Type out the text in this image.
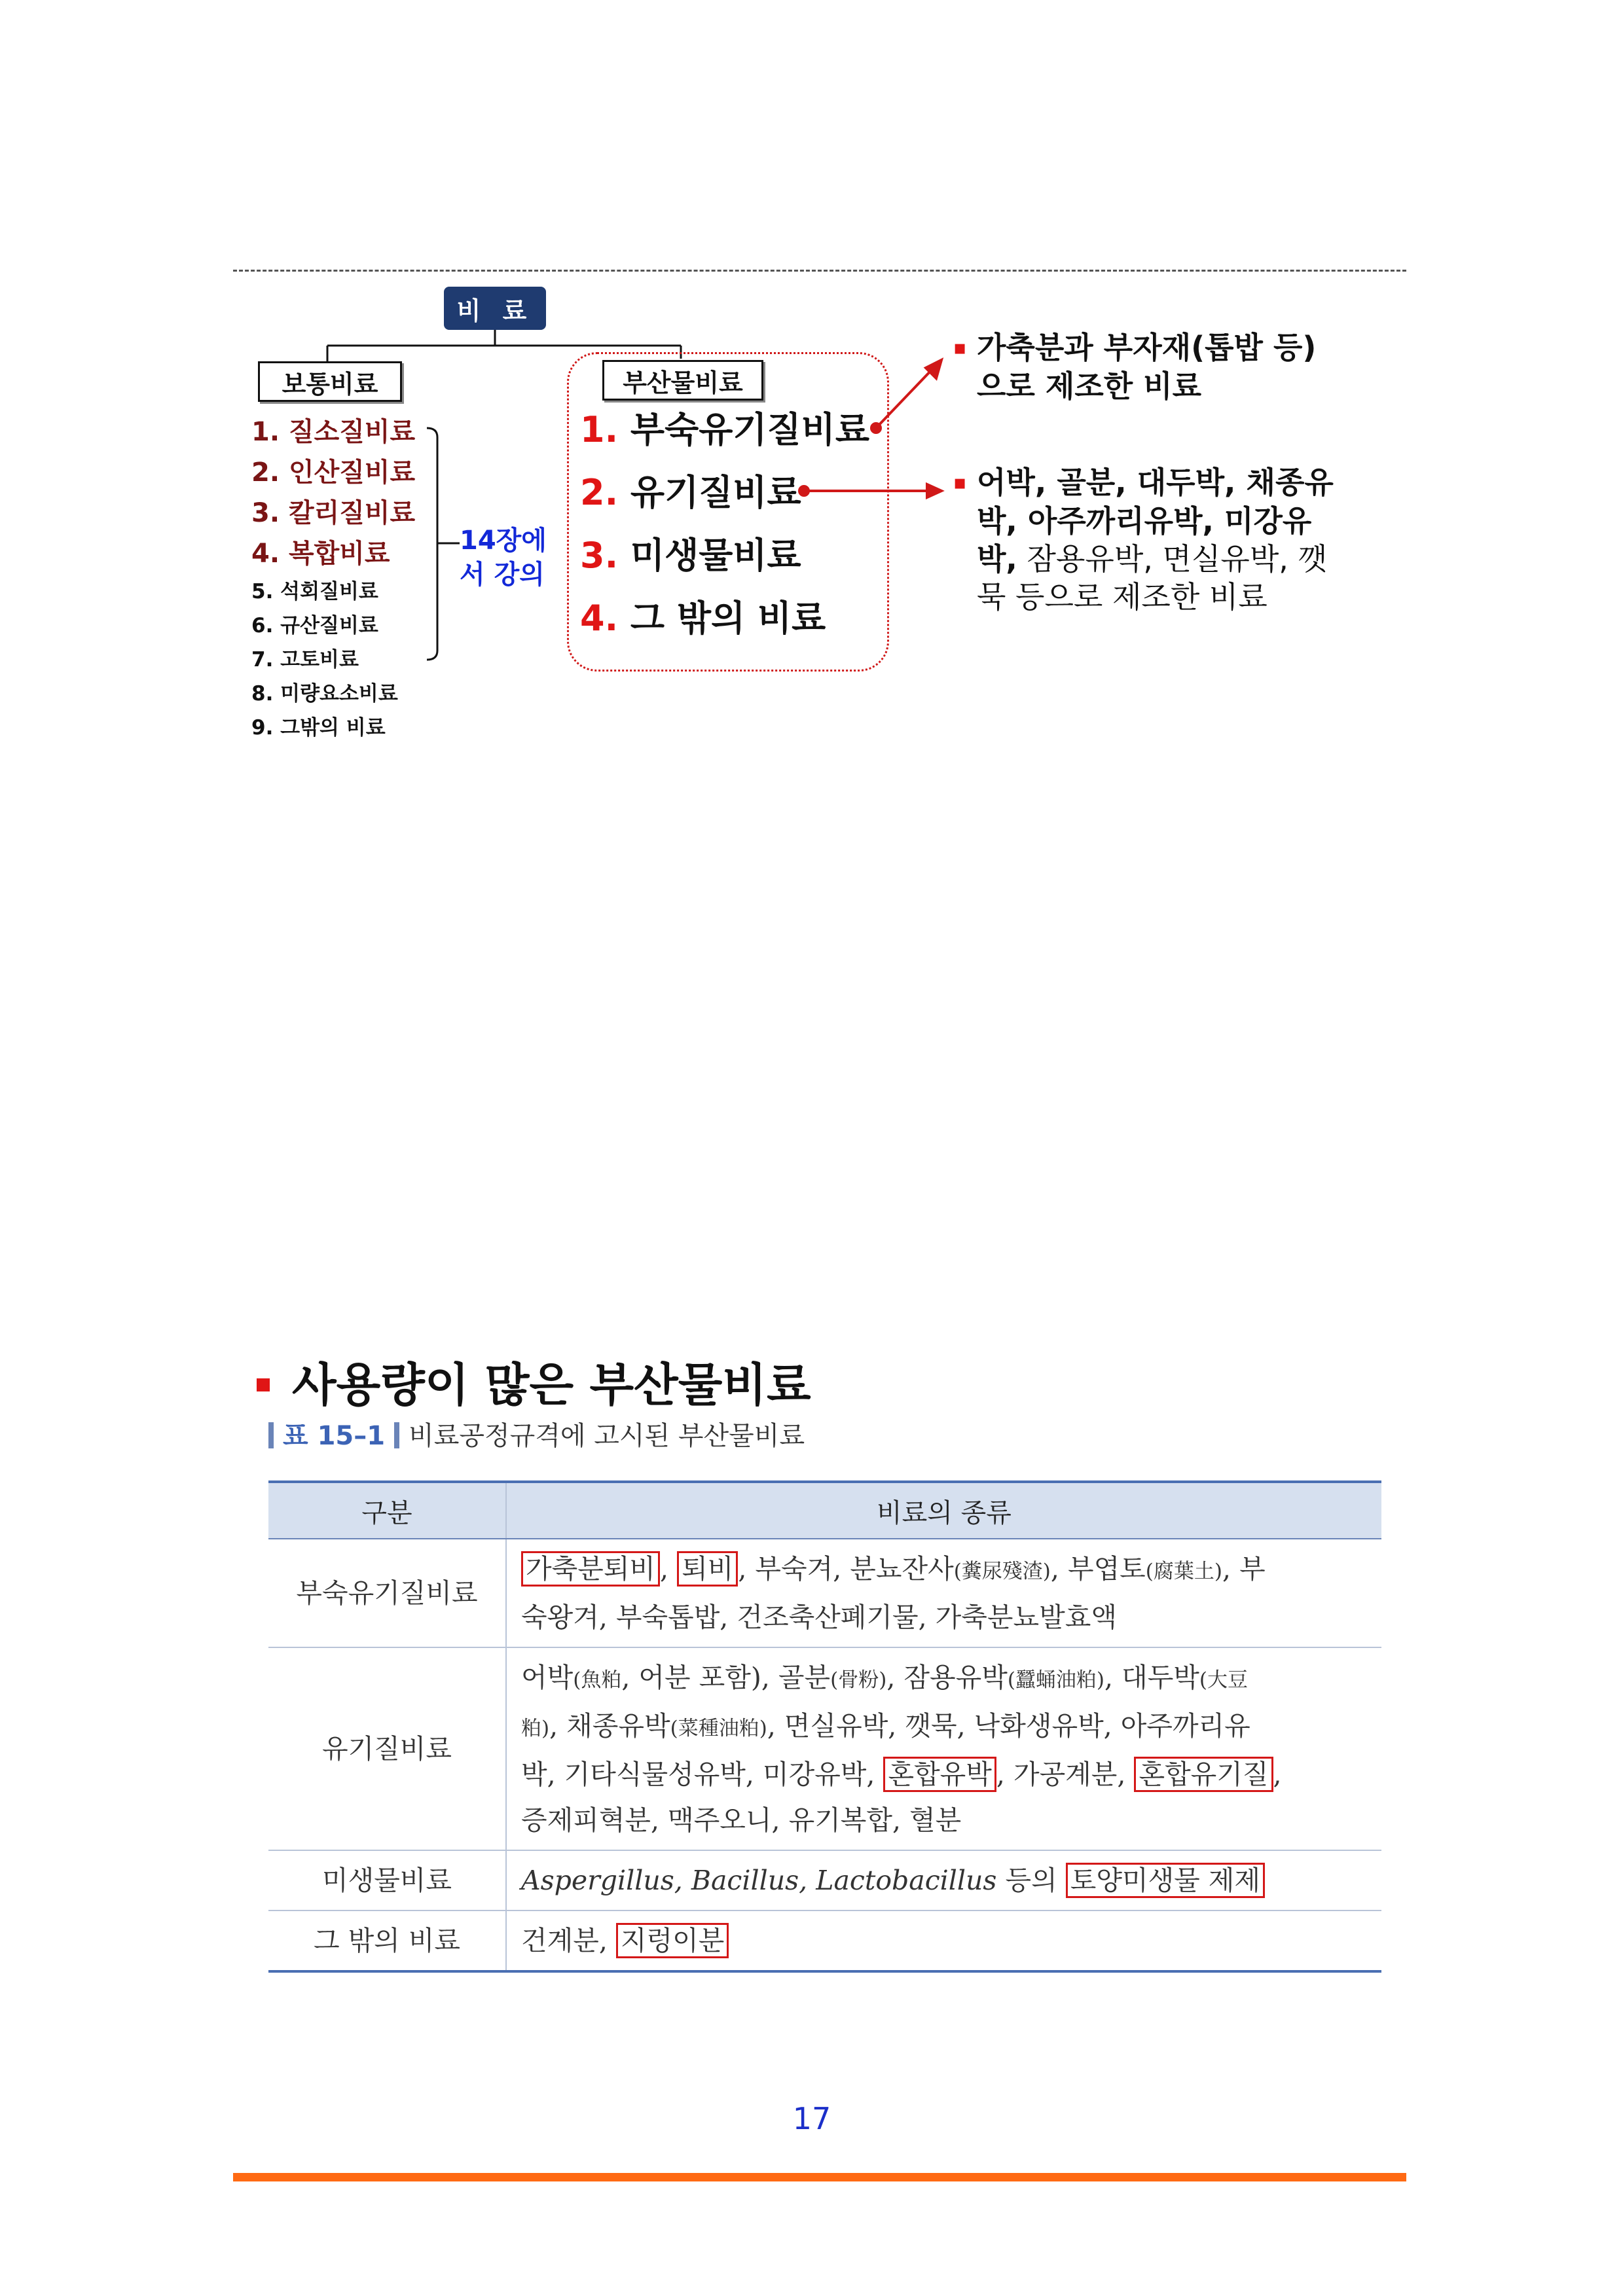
비 료
보통비료	부산물비료
1. 질소질비료
2. 인산질비료
3. 칼리질비료
4. 복합비료
5. 석회질비료
6. 규산질비료
7. 고토비료
8. 미량요소비료
9. 그밖의 비료
14장에
서 강의
1. 부숙유기질비료
2. 유기질비료
3. 미생물비료
4. 그 밖의 비료
▪ 가축분과 부자재(톱밥 등)
으로 제조한 비료
▪ 어박, 골분, 대두박, 채종유
박, 아주까리유박, 미강유
박, 잠용유박, 면실유박, 깻
묵 등으로 제조한 비료
사용량이 많은 부산물비료
표 15–1 비료공정규격에 고시된 부산물비료
구분	비료의 종류
부숙유기질비료	가축분퇴비 , 퇴비 , 부숙겨, 분뇨잔사(糞尿殘渣), 부엽토(腐葉土), 부
숙왕겨, 부숙톱밥, 건조축산폐기물, 가축분뇨발효액
유기질비료	어박(魚粕, 어분 포함), 골분(骨粉), 잠용유박(蠶蛹油粕), 대두박(大豆
粕), 채종유박(菜種油粕), 면실유박, 깻묵, 낙화생유박, 아주까리유
박, 기타식물성유박, 미강유박, 혼합유박 , 가공계분, 혼합유기질 ,
증제피혁분, 맥주오니, 유기복합, 혈분
미생물비료	Aspergillus, Bacillus, Lactobacillus 등의 토양미생물 제제
그 밖의 비료	건계분, 지렁이분
17
